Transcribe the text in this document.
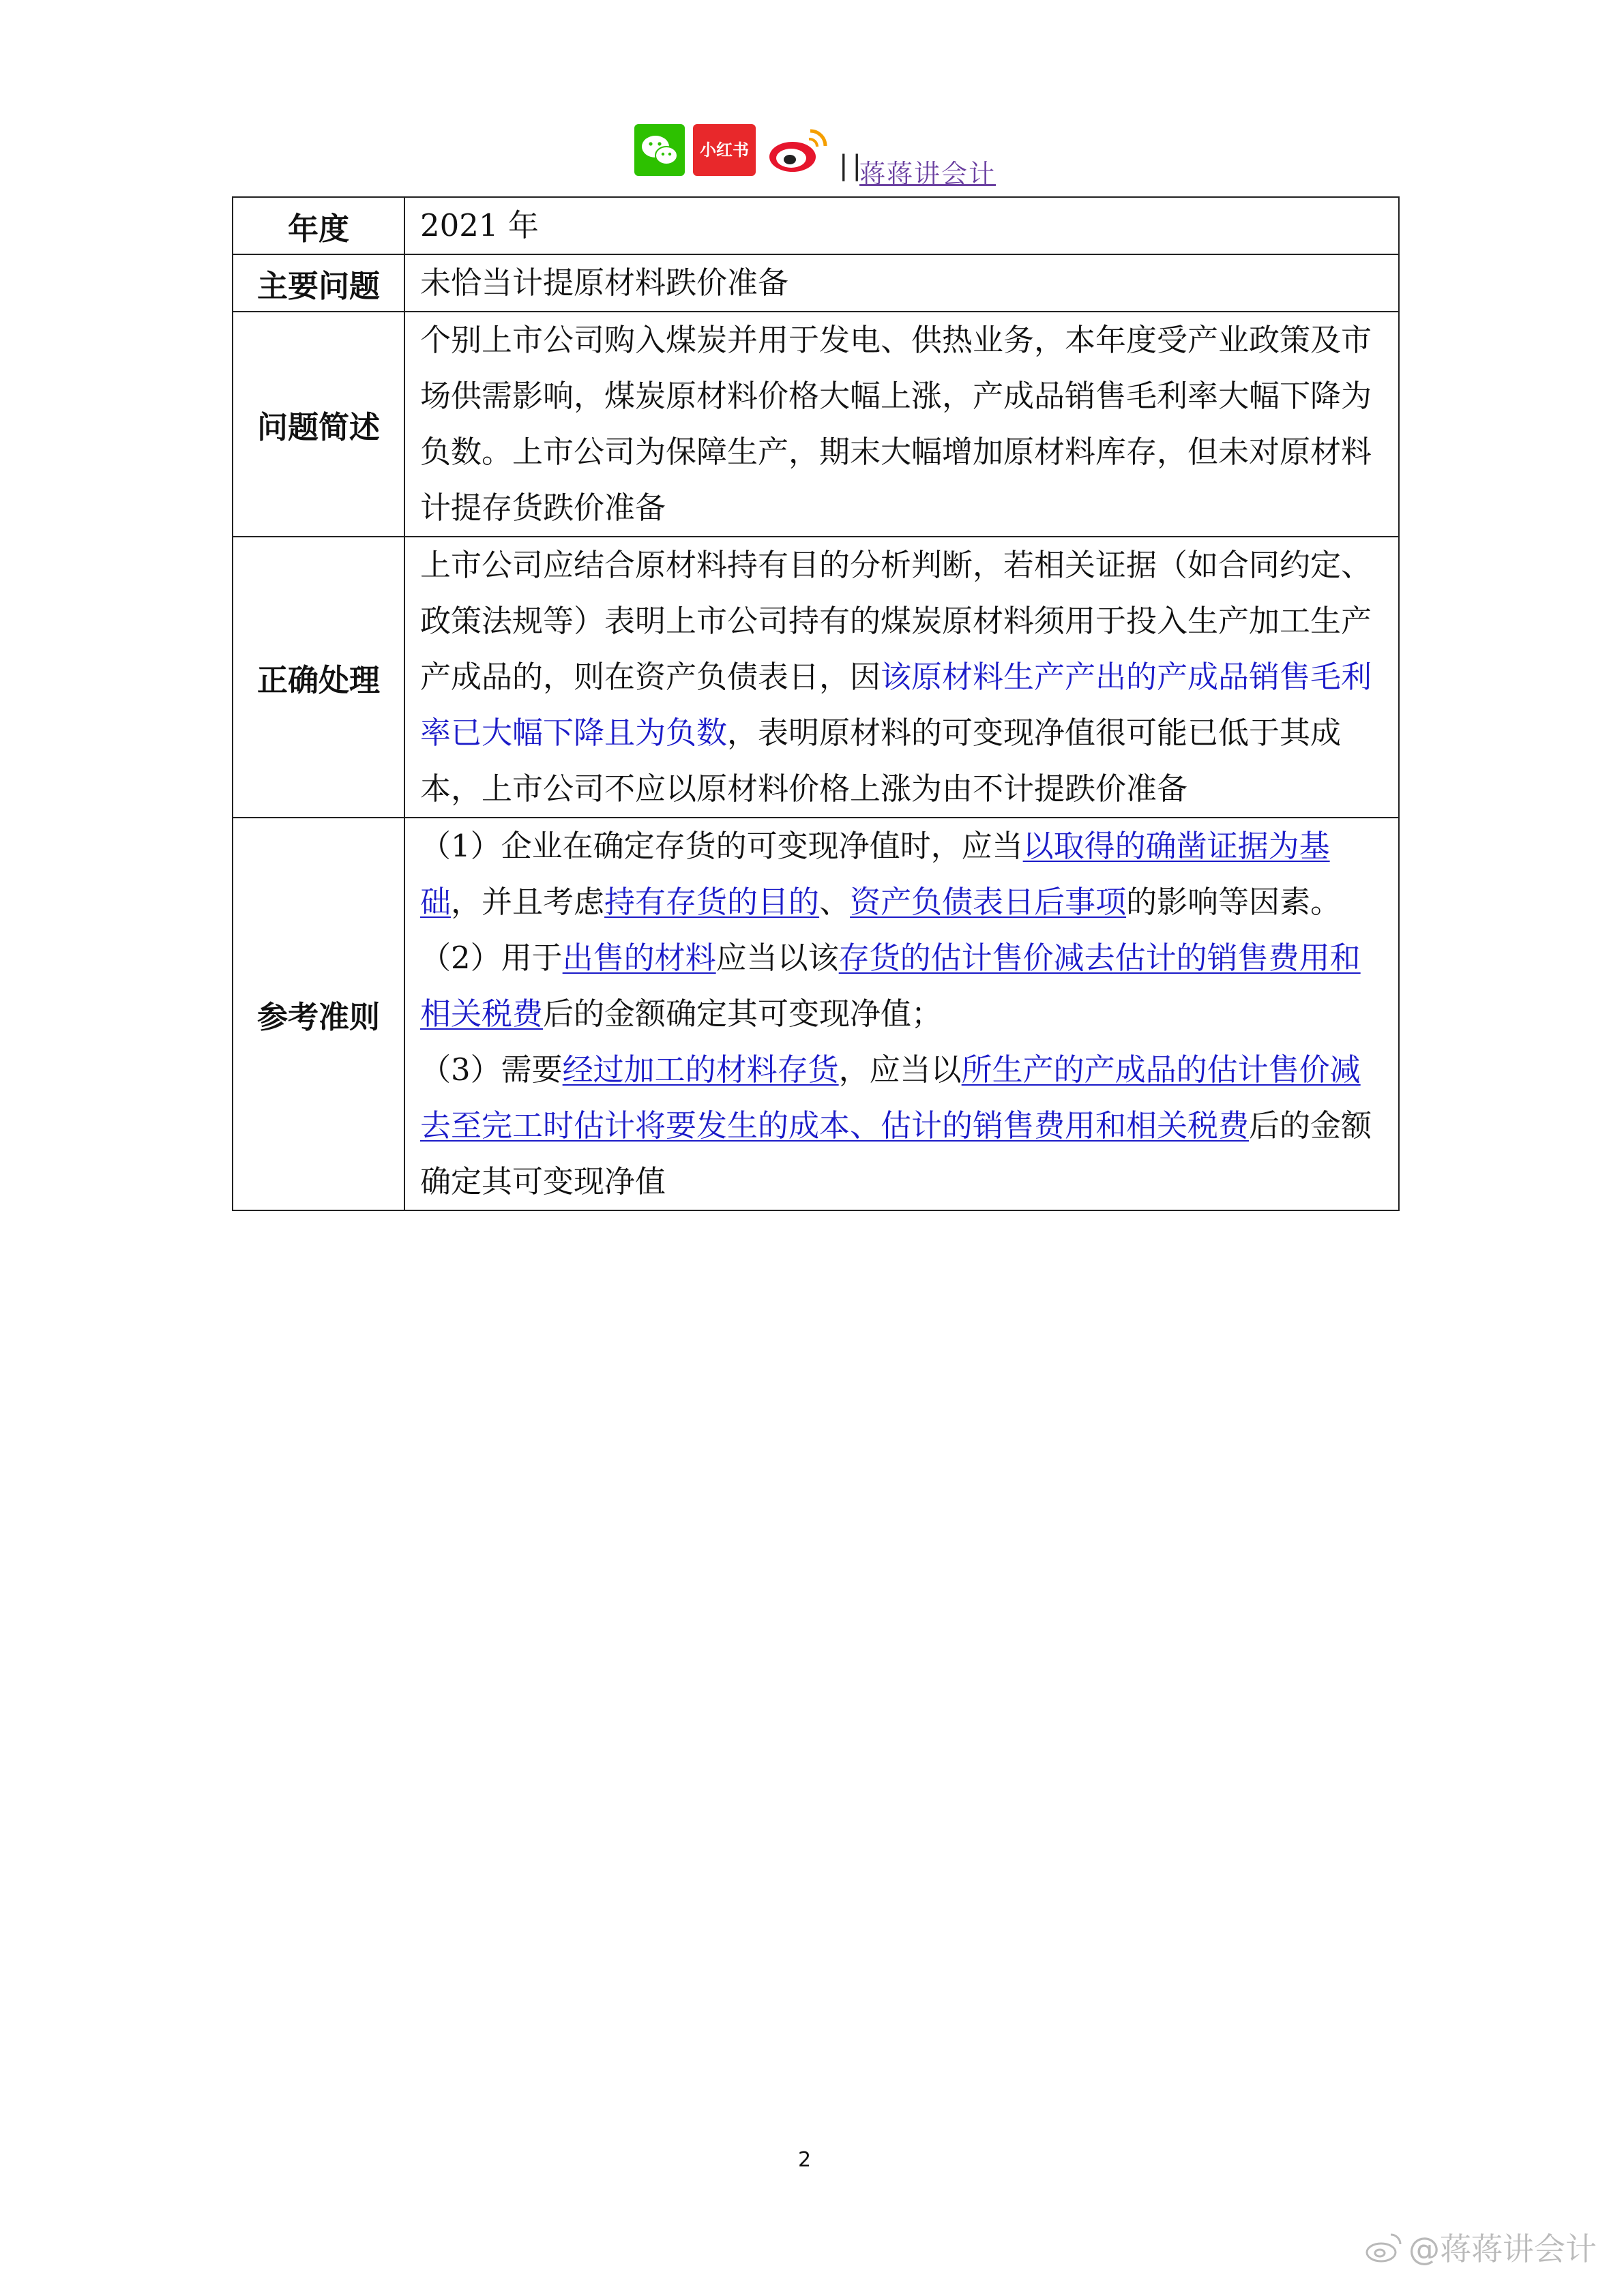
小红书	||
蒋蒋讲会计
年度	2021 年
主要问题	未恰当计提原材料跌价准备
问题简述	个别上市公司购入煤炭并用于发电、供热业务，本年度受产业政策及市场供需影响，煤炭原材料价格大幅上涨，产成品销售毛利率大幅下降为负数。上市公司为保障生产，期末大幅增加原材料库存，但未对原材料计提存货跌价准备
正确处理	上市公司应结合原材料持有目的分析判断，若相关证据（如合同约定、政策法规等）表明上市公司持有的煤炭原材料须用于投入生产加工生产产成品的，则在资产负债表日，因该原材料生产产出的产成品销售毛利率已大幅下降且为负数，表明原材料的可变现净值很可能已低于其成本，上市公司不应以原材料价格上涨为由不计提跌价准备
参考准则	（1）企业在确定存货的可变现净值时，应当以取得的确凿证据为基础，并且考虑持有存货的目的、资产负债表日后事项的影响等因素。
（2）用于出售的材料应当以该存货的估计售价减去估计的销售费用和相关税费后的金额确定其可变现净值；
（3）需要经过加工的材料存货，应当以所生产的产成品的估计售价减去至完工时估计将要发生的成本、估计的销售费用和相关税费后的金额确定其可变现净值
2
@蒋蒋讲会计
